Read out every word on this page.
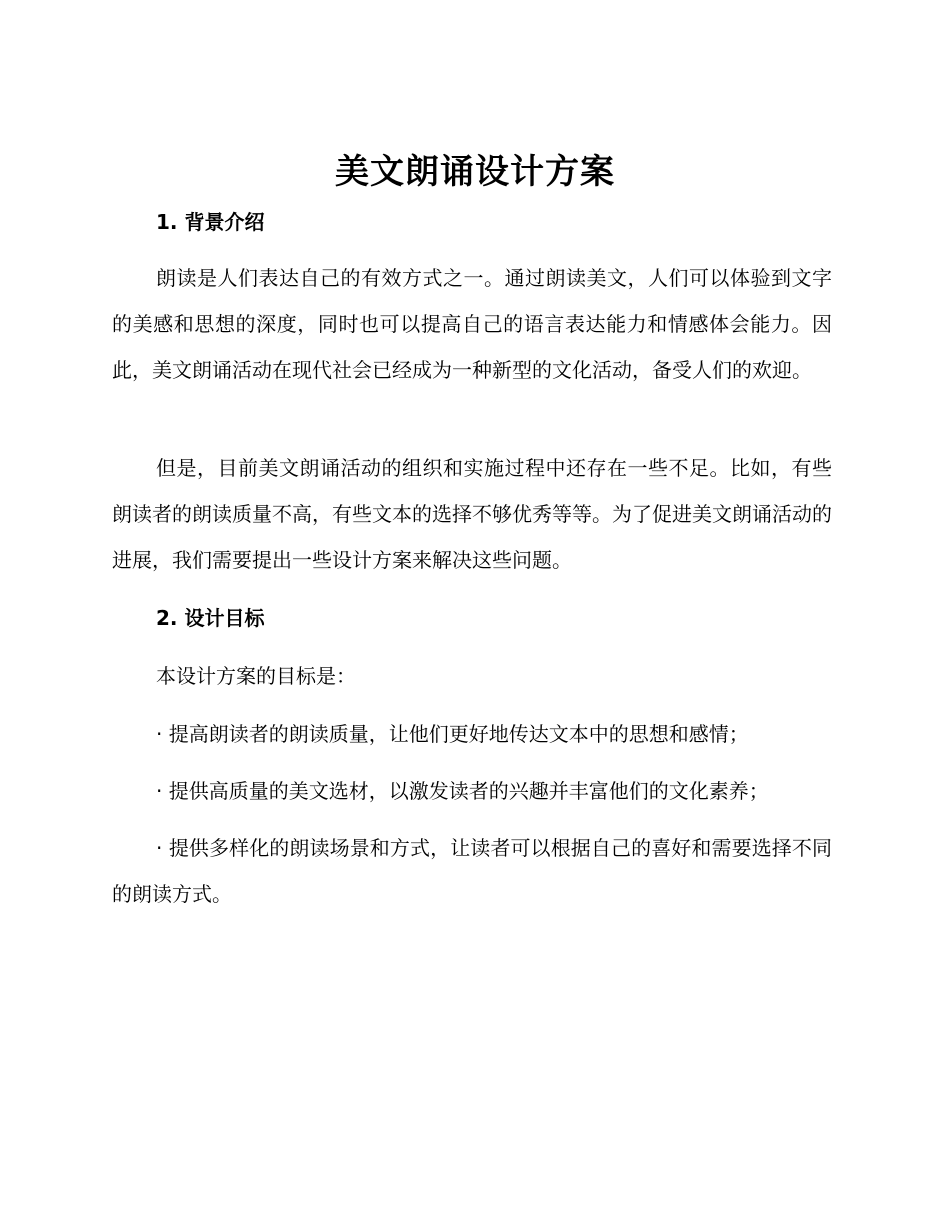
美文朗诵设计方案
1. 背景介绍

朗读是人们表达自己的有效方式之一。通过朗读美文，人们可以体验到文字的美感和思想的深度，同时也可以提高自己的语言表达能力和情感体会能力。因此，美文朗诵活动在现代社会已经成为一种新型的文化活动，备受人们的欢迎。

但是，目前美文朗诵活动的组织和实施过程中还存在一些不足。比如，有些朗读者的朗读质量不高，有些文本的选择不够优秀等等。为了促进美文朗诵活动的进展，我们需要提出一些设计方案来解决这些问题。

2. 设计目标
本设计方案的目标是：
· 提高朗读者的朗读质量，让他们更好地传达文本中的思想和感情；
· 提供高质量的美文选材，以激发读者的兴趣并丰富他们的文化素养；

· 提供多样化的朗读场景和方式，让读者可以根据自己的喜好和需要选择不同的朗读方式。
